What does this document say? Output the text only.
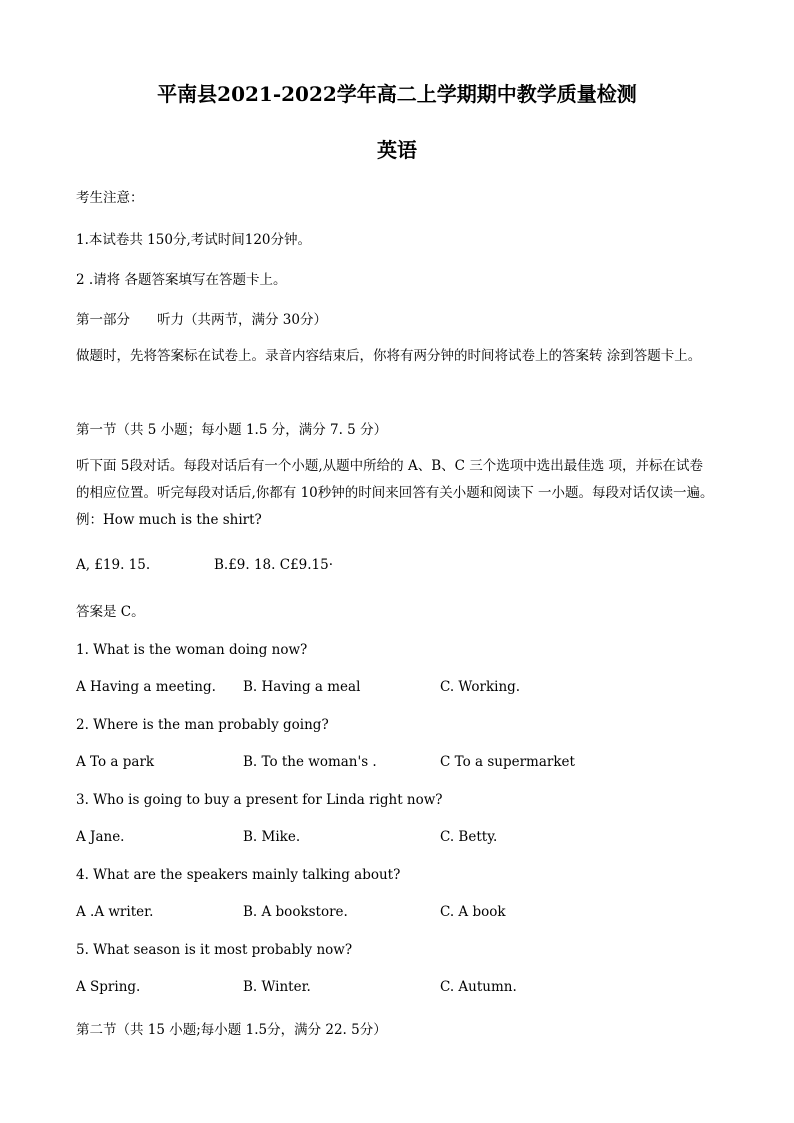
平南县2021-2022学年高二上学期期中教学质量检测
英语
考生注意：
1.本试卷共 150分,考试时间120分钟。
2 .请将 各题答案填写在答题卡上。
第一部分　　听力（共两节，满分 30分）
做题时，先将答案标在试卷上。录音内容结束后，你将有两分钟的时间将试卷上的答案转 涂到答题卡上。
第一节（共 5 小题；每小题 1.5 分，满分 7. 5 分）
听下面 5段对话。每段对话后有一个小题,从题中所给的 A、B、C 三个选项中选出最佳选 项，并标在试卷的相应位置。听完每段对话后,你都有 10秒钟的时间来回答有关小题和阅读下 一小题。每段对话仅读一遍。 例：How much is the shirt?
A, £19. 15.	B.£9. 18. C£9.15·
答案是 C。
1. What is the woman doing now?
A Having a meeting. B. Having a meal	C. Working.
2. Where is the man probably going?
A To a park	B. To the woman's .	C To a supermarket
3. Who is going to buy a present for Linda right now?
A Jane.	B. Mike.	C. Betty.
4. What are the speakers mainly talking about?
A .A writer.	B. A bookstore.	C. A book
5. What season is it most probably now?
A Spring.	B. Winter.	C. Autumn.
第二节（共 15 小题;每小题 1.5分，满分 22. 5分）
